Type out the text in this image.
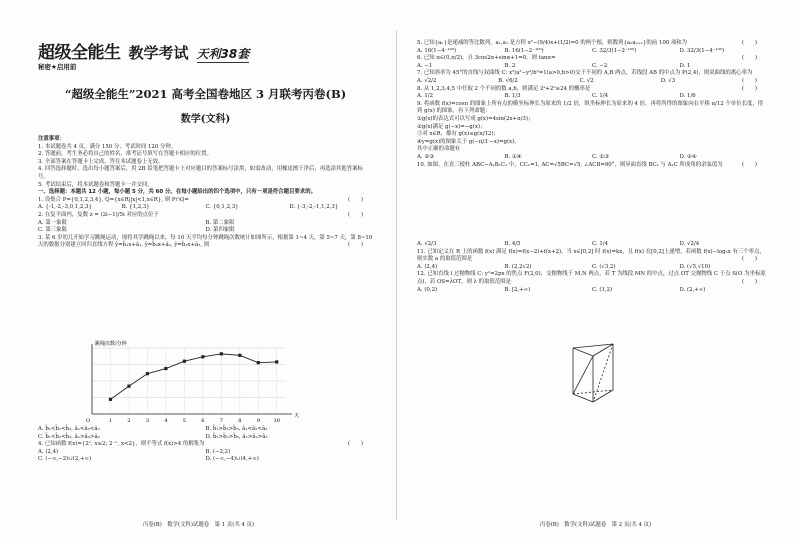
超级全能生 教学考试 天利38套
秘密★启用前
“超级全能生”2021 高考全国卷地区 3 月联考丙卷(B)
数学(文科)
注意事项：
1. 本试题卷共 4 页，满分 150 分，考试时间 120 分钟。
2. 答题前，考生务必将自己的姓名、准考证号填写在答题卡相应的位置。
3. 全部答案在答题卡上完成，答在本试题卷上无效。
4. 回答选择题时，选出每小题答案后，用 2B 铅笔把答题卡上对应题目的答案标号涂黑，如需改动，用橡皮擦干净后，再选涂其他答案标号。
5. 考试结束后，将本试题卷和答题卡一并交回。
一、选择题：本题共 12 小题，每小题 5 分，共 60 分。在每小题给出的四个选项中，只有一项是符合题目要求的。
1. 设集合 P={0,1,2,3,4}, Q={x∈R||x|<1,x∈R}, 则 P∩Q=	(　　)
A. {-1,-2,-3,0,1,2,3}	B. {1,2,3}	C. {0,1,2,3}	D. {-3,-2,-1,1,2,3}
2. 在复平面内，复数 z = (2i−1)/5i 对应的点位于	(　　)
A. 第一象限	B. 第二象限
C. 第三象限	D. 第四象限
3. 某 6 岁幼儿开始学习跳绳运动，现将其学跳绳以来，每 10 天平均每分钟跳绳次数统计如图所示，根据第 1~4 天，第 5~7 天，第 8~10 天的数据分别建立回归直线方程 ŷ=b̂₁x+â₁, ŷ=b̂₂x+â₂, ŷ=b̂₃x+â₃, 则	(　　)
1	2	3	4	5	6	7	8	9	10
跳绳次数/分钟
天
O
A. b̂₁<b̂₂<b̂₃, â₁<â₂<â₃	B. b̂₁>b̂₂>b̂₃, â₁<â₂<â₃
C. b̂₁<b̂₂<b̂₃, â₁>â₂>â₃	D. b̂₁>b̂₂>b̂₃, â₁>â₂>â₃
4. 已知函数 f(x)={2ˣ, x≥2; 2⁻ˣ, x<2}，则不等式 f(x)>4 的解集为	(　　)
A. (2,4)	B. (−2,2)
C. (−∞,−2)∪(2,+∞)	D. (−∞,−4)∪(4,+∞)
丙卷(B)　数学(文科)试题卷　第 1 页(共 4 页)	丙卷(B)　数学(文科)试题卷　第 2 页(共 4 页)
5. 已知{aₙ}是递减的等比数列，a₁,a₂ 是方程 x²−(9/4)x+(1/2)=0 的两个根，则数列{aₙaₙ₊₁}的前 100 项和为	(　　)
A. 16(1−4⁻¹⁰⁰)	B. 16(1−2⁻¹⁰⁰)	C. 32/3(1−2⁻¹⁰⁰)	D. 32/3(1−4⁻¹⁰⁰)
6. 已知 α∈(0,π/2)，且 3cos2α+sinα+1=0，则 tanα=	(　　)
A. −1	B. 2	C. −2	D. 1
7. 已知斜率为 45°的直线与双曲线 C: x²/a²−y²/b²=1(a>0,b>0)交于不同的 A,B 两点，若线段 AB 的中点为 P(2,4)，则双曲线的离心率为
(　　)
A. √2/2	B. √6/2	C. √2	D. √3
8. 从 1,2,3,4,5 中任取 2 个不同的数 a,b，则满足 2ᵃ+2ᵇ≥24 的概率是	(　　)
A. 1/2	B. 1/3	C. 1/4	D. 1/6
9. 将函数 f(x)=cosπ 的图象上所有点的横坐标伸长为原来的 1/2 倍，纵坐标伸长为原来的 4 倍，再将所得的图象向右平移 π/12 个单位长度，得到 g(x) 的图象，有下列命题：
①g(x)的表达式可以写成 g(x)=4sin(2x+π/3)；
②g(x)满足 g(−x)=−g(x)；
③对 x∈R，都有 g(x)≤g(π/12)；
④y=g(x)的图象关于 g(−π/3 −x)=g(x)。
其中正确的命题有
A. ②③	B. ①④	C. ①③	D. ②④
10. 如图，在直三棱柱 ABC−A₁B₁C₁ 中，CC₁=1, AC=√5BC=√5, ∠ACB=90°，则异面直线 BC₁ 与 A₁C 所成角的余弦值为	(　　)
A. √2/3	B. 4/5	C. 1/4	D. √2/4
11. 已知定义在 R 上的函数 f(x) 满足 f(x)=f(x−2)+f(x+2)，当 x∈[0,2] 时 f(x)=kx，且 f(x) 在[0,2]上递增，若函数 f(x)−log₃x 有三个零点，则实数 a 的取值范围是	(　　)
A. (2,4)	B. (2,2√2)	C. (√3,2)	D. (√5,√10)
12. 已知直线 l 过抛物线 C: y²=2px 的焦点 F(2,0)，交抛物线于 M,N 两点，若 T 为线段 MN 的中点，过点 OT 交抛物线 C 于点 S(O 为坐标原点)，若 OS=λOT，则 λ 的取值范围是	(　　)
A. (0,2)	B. [2,+∞)	C. (1,2)	D. (2,+∞)
